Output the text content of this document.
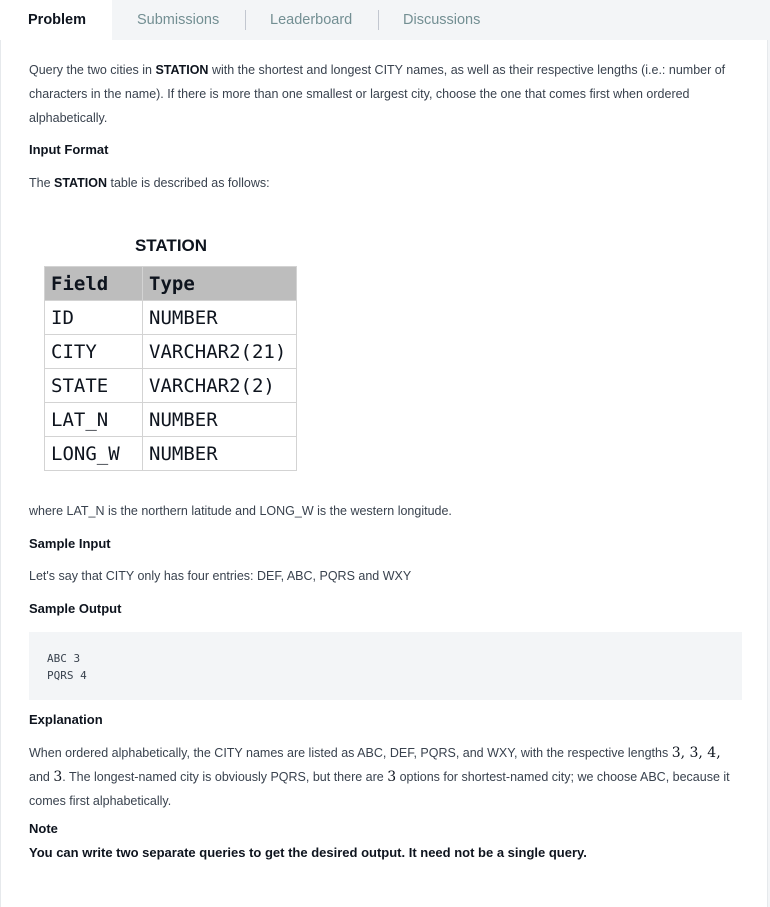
Problem	Submissions	Leaderboard	Discussions

Query the two cities in STATION with the shortest and longest CITY names, as well as their respective lengths (i.e.: number of characters in the name). If there is more than one smallest or largest city, choose the one that comes first when ordered alphabetically.

Input Format

The STATION table is described as follows:

STATION
Field	Type
ID	NUMBER
CITY	VARCHAR2(21)
STATE	VARCHAR2(2)
LAT_N	NUMBER
LONG_W	NUMBER

where LAT_N is the northern latitude and LONG_W is the western longitude.

Sample Input

Let's say that CITY only has four entries: DEF, ABC, PQRS and WXY

Sample Output

ABC 3
PQRS 4

Explanation

When ordered alphabetically, the CITY names are listed as ABC, DEF, PQRS, and WXY, with the respective lengths 3, 3, 4, and 3. The longest-named city is obviously PQRS, but there are 3 options for shortest-named city; we choose ABC, because it comes first alphabetically.

Note

You can write two separate queries to get the desired output. It need not be a single query.
